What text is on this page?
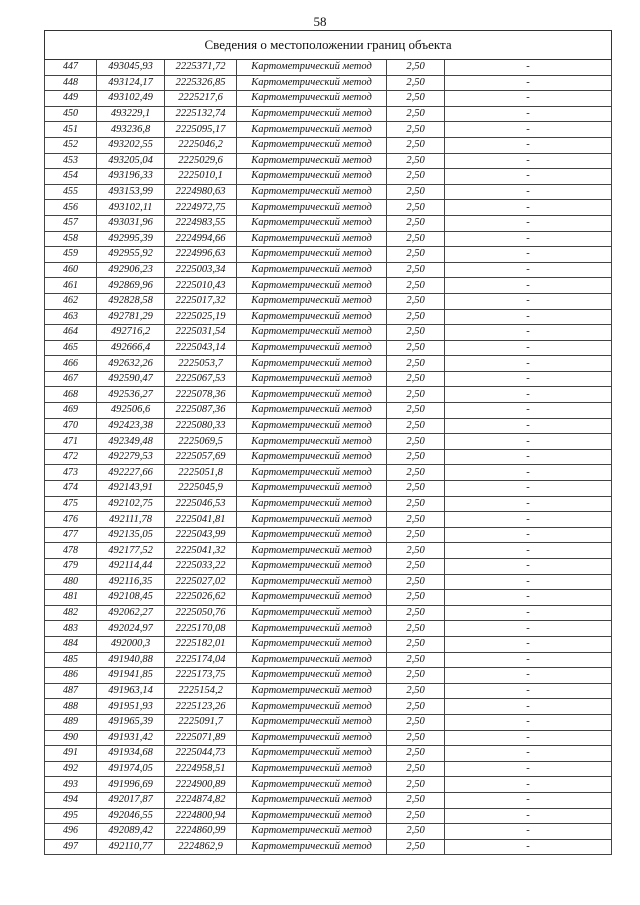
58
Сведения о местоположении границ объекта					
447	493045,93	2225371,72	Картометрический метод	2,50	-
448	493124,17	2225326,85	Картометрический метод	2,50	-
449	493102,49	2225217,6	Картометрический метод	2,50	-
450	493229,1	2225132,74	Картометрический метод	2,50	-
451	493236,8	2225095,17	Картометрический метод	2,50	-
452	493202,55	2225046,2	Картометрический метод	2,50	-
453	493205,04	2225029,6	Картометрический метод	2,50	-
454	493196,33	2225010,1	Картометрический метод	2,50	-
455	493153,99	2224980,63	Картометрический метод	2,50	-
456	493102,11	2224972,75	Картометрический метод	2,50	-
457	493031,96	2224983,55	Картометрический метод	2,50	-
458	492995,39	2224994,66	Картометрический метод	2,50	-
459	492955,92	2224996,63	Картометрический метод	2,50	-
460	492906,23	2225003,34	Картометрический метод	2,50	-
461	492869,96	2225010,43	Картометрический метод	2,50	-
462	492828,58	2225017,32	Картометрический метод	2,50	-
463	492781,29	2225025,19	Картометрический метод	2,50	-
464	492716,2	2225031,54	Картометрический метод	2,50	-
465	492666,4	2225043,14	Картометрический метод	2,50	-
466	492632,26	2225053,7	Картометрический метод	2,50	-
467	492590,47	2225067,53	Картометрический метод	2,50	-
468	492536,27	2225078,36	Картометрический метод	2,50	-
469	492506,6	2225087,36	Картометрический метод	2,50	-
470	492423,38	2225080,33	Картометрический метод	2,50	-
471	492349,48	2225069,5	Картометрический метод	2,50	-
472	492279,53	2225057,69	Картометрический метод	2,50	-
473	492227,66	2225051,8	Картометрический метод	2,50	-
474	492143,91	2225045,9	Картометрический метод	2,50	-
475	492102,75	2225046,53	Картометрический метод	2,50	-
476	492111,78	2225041,81	Картометрический метод	2,50	-
477	492135,05	2225043,99	Картометрический метод	2,50	-
478	492177,52	2225041,32	Картометрический метод	2,50	-
479	492114,44	2225033,22	Картометрический метод	2,50	-
480	492116,35	2225027,02	Картометрический метод	2,50	-
481	492108,45	2225026,62	Картометрический метод	2,50	-
482	492062,27	2225050,76	Картометрический метод	2,50	-
483	492024,97	2225170,08	Картометрический метод	2,50	-
484	492000,3	2225182,01	Картометрический метод	2,50	-
485	491940,88	2225174,04	Картометрический метод	2,50	-
486	491941,85	2225173,75	Картометрический метод	2,50	-
487	491963,14	2225154,2	Картометрический метод	2,50	-
488	491951,93	2225123,26	Картометрический метод	2,50	-
489	491965,39	2225091,7	Картометрический метод	2,50	-
490	491931,42	2225071,89	Картометрический метод	2,50	-
491	491934,68	2225044,73	Картометрический метод	2,50	-
492	491974,05	2224958,51	Картометрический метод	2,50	-
493	491996,69	2224900,89	Картометрический метод	2,50	-
494	492017,87	2224874,82	Картометрический метод	2,50	-
495	492046,55	2224800,94	Картометрический метод	2,50	-
496	492089,42	2224860,99	Картометрический метод	2,50	-
497	492110,77	2224862,9	Картометрический метод	2,50	-
